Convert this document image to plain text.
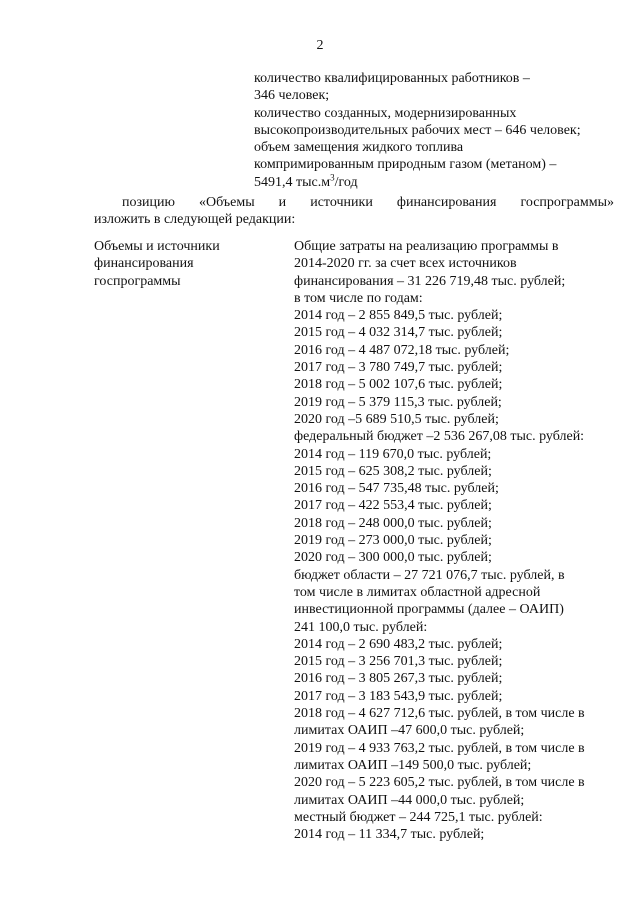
2
количество квалифицированных работников –
346 человек;
количество созданных, модернизированных
высокопроизводительных рабочих мест – 646 человек;
объем замещения жидкого топлива
компримированным природным газом (метаном) –
5491,4 $тыс.м^3$/год
позицию «Объемы и источники финансирования госпрограммы»
изложить в следующей редакции:
Объемы и источники
финансирования
госпрограммы
Общие затраты на реализацию программы в
2014-2020 гг. за счет всех источников
финансирования – 31 226 719,48 тыс. рублей;
в том числе по годам:
2014 год – 2 855 849,5 тыс. рублей;
2015 год – 4 032 314,7 тыс. рублей;
2016 год – 4 487 072,18 тыс. рублей;
2017 год – 3 780 749,7 тыс. рублей;
2018 год – 5 002 107,6 тыс. рублей;
2019 год – 5 379 115,3 тыс. рублей;
2020 год –5 689 510,5 тыс. рублей;
федеральный бюджет –2 536 267,08 тыс. рублей:
2014 год – 119 670,0 тыс. рублей;
2015 год – 625 308,2 тыс. рублей;
2016 год – 547 735,48 тыс. рублей;
2017 год – 422 553,4 тыс. рублей;
2018 год – 248 000,0 тыс. рублей;
2019 год – 273 000,0 тыс. рублей;
2020 год – 300 000,0 тыс. рублей;
бюджет области – 27 721 076,7 тыс. рублей, в
том числе в лимитах областной адресной
инвестиционной программы (далее – ОАИП)
241 100,0 тыс. рублей:
2014 год – 2 690 483,2 тыс. рублей;
2015 год – 3 256 701,3 тыс. рублей;
2016 год – 3 805 267,3 тыс. рублей;
2017 год – 3 183 543,9 тыс. рублей;
2018 год – 4 627 712,6 тыс. рублей, в том числе в
лимитах ОАИП –47 600,0 тыс. рублей;
2019 год – 4 933 763,2 тыс. рублей, в том числе в
лимитах ОАИП –149 500,0 тыс. рублей;
2020 год – 5 223 605,2 тыс. рублей, в том числе в
лимитах ОАИП –44 000,0 тыс. рублей;
местный бюджет – 244 725,1 тыс. рублей:
2014 год – 11 334,7 тыс. рублей;
